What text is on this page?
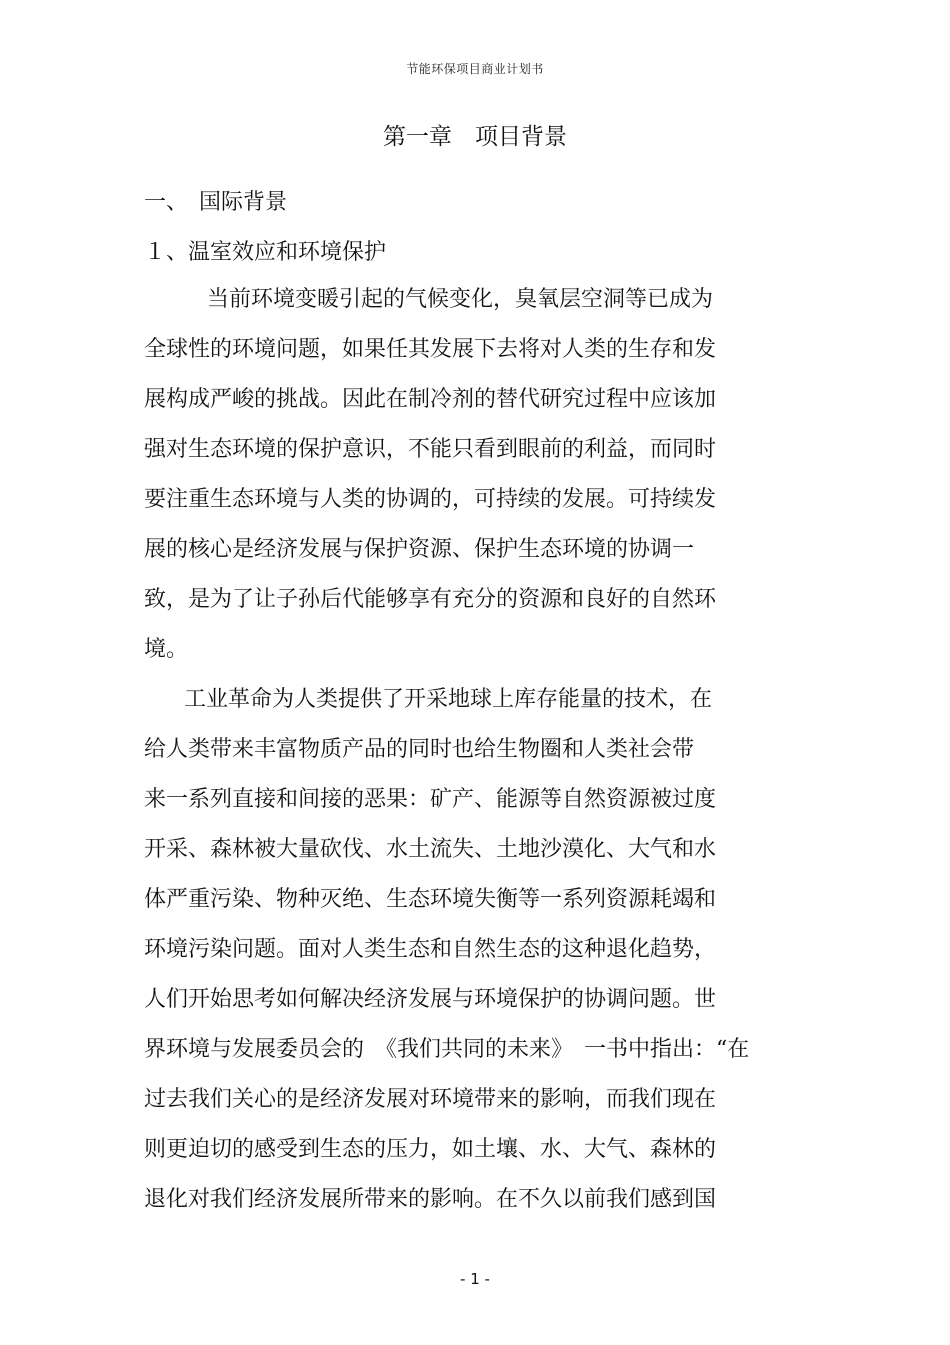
节能环保项目商业计划书
第一章　项目背景
一、　国际背景
１、温室效应和环境保护
当前环境变暖引起的气候变化，臭氧层空洞等已成为
全球性的环境问题，如果任其发展下去将对人类的生存和发
展构成严峻的挑战。因此在制冷剂的替代研究过程中应该加
强对生态环境的保护意识，不能只看到眼前的利益，而同时
要注重生态环境与人类的协调的，可持续的发展。可持续发
展的核心是经济发展与保护资源、保护生态环境的协调一
致，是为了让子孙后代能够享有充分的资源和良好的自然环
境。
工业革命为人类提供了开采地球上库存能量的技术，在
给人类带来丰富物质产品的同时也给生物圈和人类社会带
来一系列直接和间接的恶果：矿产、能源等自然资源被过度
开采、森林被大量砍伐、水土流失、土地沙漠化、大气和水
体严重污染、物种灭绝、生态环境失衡等一系列资源耗竭和
环境污染问题。面对人类生态和自然生态的这种退化趋势，
人们开始思考如何解决经济发展与环境保护的协调问题。世
界环境与发展委员会的　《我们共同的未来》　一书中指出：“在
过去我们关心的是经济发展对环境带来的影响，而我们现在
则更迫切的感受到生态的压力，如土壤、水、大气、森林的
退化对我们经济发展所带来的影响。在不久以前我们感到国
- 1 -
